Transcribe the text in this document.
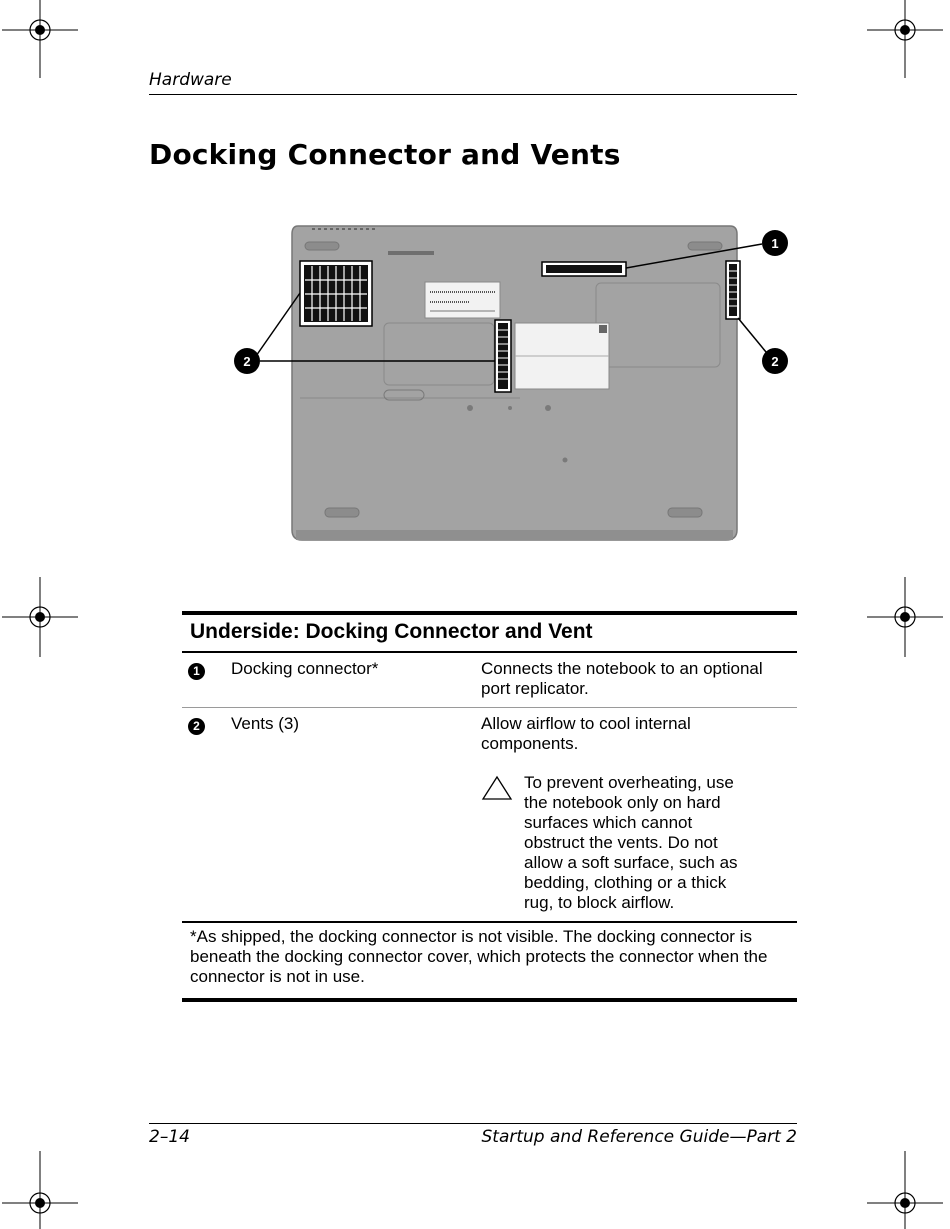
Hardware
Docking Connector and Vents
1
2	2
Underside: Docking Connector and Vent
1	Docking connector*	Connects the notebook to an optional port replicator.
2	Vents (3)	Allow airflow to cool internal components.
To prevent overheating, use the notebook only on hard surfaces which cannot obstruct the vents. Do not allow a soft surface, such as bedding, clothing or a thick rug, to block airflow.
*As shipped, the docking connector is not visible. The docking connector is beneath the docking connector cover, which protects the connector when the connector is not in use.
2–14	Startup and Reference Guide—Part 2
